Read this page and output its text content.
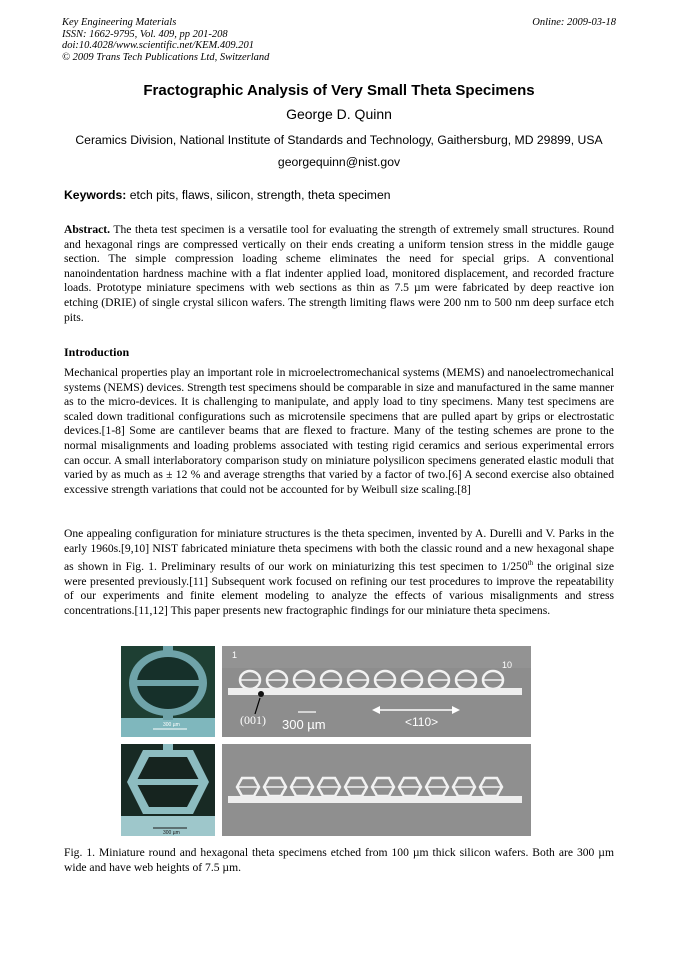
Key Engineering Materials
ISSN: 1662-9795, Vol. 409, pp 201-208
doi:10.4028/www.scientific.net/KEM.409.201
© 2009 Trans Tech Publications Ltd, Switzerland
Online: 2009-03-18
Fractographic Analysis of Very Small Theta Specimens
George D. Quinn
Ceramics Division, National Institute of Standards and Technology, Gaithersburg, MD 29899, USA
georgequinn@nist.gov
Keywords: etch pits, flaws, silicon, strength, theta specimen

Abstract. The theta test specimen is a versatile tool for evaluating the strength of extremely small structures. Round and hexagonal rings are compressed vertically on their ends creating a uniform tension stress in the middle gauge section. The simple compression loading scheme eliminates the need for special grips. A conventional nanoindentation hardness machine with a flat indenter applied load, monitored displacement, and recorded fracture loads. Prototype miniature specimens with web sections as thin as 7.5 µm were fabricated by deep reactive ion etching (DRIE) of single crystal silicon wafers. The strength limiting flaws were 200 nm to 500 nm deep surface etch pits.

Introduction

Mechanical properties play an important role in microelectromechanical systems (MEMS) and nanoelectromechanical systems (NEMS) devices. Strength test specimens should be comparable in size and manufactured in the same manner as to the micro-devices. It is challenging to manipulate, and apply load to tiny specimens. Many test specimens are scaled down traditional configurations such as microtensile specimens that are pulled apart by grips or electrostatic devices.[1-8] Some are cantilever beams that are flexed to fracture. Many of the testing schemes are prone to the normal misalignments and loading problems associated with testing rigid ceramics and serious experimental errors can occur. A small interlaboratory comparison study on miniature polysilicon specimens generated elastic moduli that varied by as much as ± 12 % and average strengths that varied by a factor of two.[6] A second exercise also obtained excessive strength variations that could not be accounted for by Weibull size scaling.[8]

One appealing configuration for miniature structures is the theta specimen, invented by A. Durelli and V. Parks in the early 1960s.[9,10] NIST fabricated miniature theta specimens with both the classic round and a new hexagonal shape as shown in Fig. 1. Preliminary results of our work on miniaturizing this test specimen to 1/250th the original size were presented previously.[11] Subsequent work focused on refining our test procedures to improve the repeatability of our experiments and finite element modeling to analyze the effects of various misalignments and stress concentrations.[11,12] This paper presents new fractographic findings for our miniature theta specimens.

300 µm
1
10
(001) 300 µm	<110>
300 µm

Fig. 1. Miniature round and hexagonal theta specimens etched from 100 µm thick silicon wafers. Both are 300 µm wide and have web heights of 7.5 µm.
